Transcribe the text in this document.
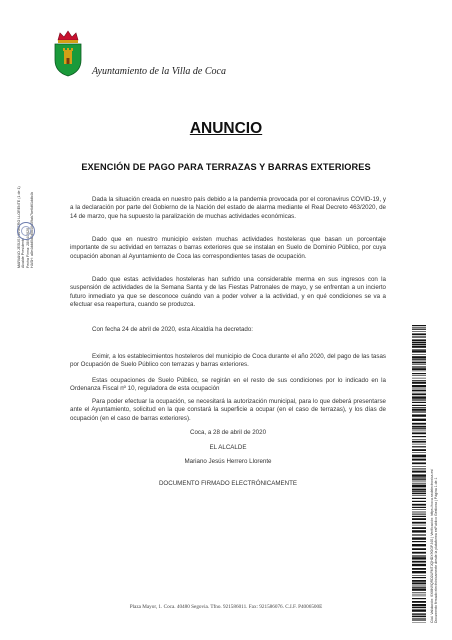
Ayuntamiento de la Villa de Coca
MARIANO JESÚS HERRERO LLORENTE (1 de 1) Alcalde Presidente Fecha Firma: 28/04/2020 HASH: a8e4ddd0d2d5b40d59ab7be6d61ddb4b
ANUNCIO
EXENCIÓN DE PAGO PARA TERRAZAS Y BARRAS EXTERIORES
Dada la situación creada en nuestro país debido a la pandemia provocada por el coronavirus COVID-19, y a la declaración por parte del Gobierno de la Nación del estado de alarma mediante el Real Decreto 463/2020, de 14 de marzo, que ha supuesto la paralización de muchas actividades económicas.
Dado que en nuestro municipio existen muchas actividades hosteleras que basan un porcentaje importante de su actividad en terrazas o barras exteriores que se instalan en Suelo de Dominio Público, por cuya ocupación abonan al Ayuntamiento de Coca las correspondientes tasas de ocupación.
Dado que estas actividades hosteleras han sufrido una considerable merma en sus ingresos con la suspensión de actividades de la Semana Santa y de las Fiestas Patronales de mayo, y se enfrentan a un incierto futuro inmediato ya que se desconoce cuándo van a poder volver a la actividad, y en qué condiciones se va a efectuar esa reapertura, cuando se produzca.
Con fecha 24 de abril de 2020, esta Alcaldía ha decretado:
Eximir, a los establecimientos hosteleros del municipio de Coca durante el año 2020, del pago de las tasas por Ocupación de Suelo Público con terrazas y barras exteriores.
Estas ocupaciones de Suelo Público, se regirán en el resto de sus condiciones por lo indicado en la Ordenanza Fiscal nº 10, reguladora de esta ocupación
Para poder efectuar la ocupación, se necesitará la autorización municipal, para lo que deberá presentarse ante el Ayuntamiento, solicitud en la que constará la superficie a ocupar (en el caso de terrazas), y los días de ocupación (en el caso de barras exteriores).
Coca, a 28 de abril de 2020
EL ALCALDE
Mariano Jesús Herrero Llorente
DOCUMENTO FIRMADO ELECTRÓNICAMENTE
Plaza Mayor, 1. Coca. 40480 Segovia. Tfno. 921586011. Fax: 921586076. C.I.F. P4006500E	Cód. Validación: 6XMN9QRD2LFMTJQHDX9GGPJ4S | Verificación: https://coca.sedelectronica.es/ Documento firmado electrónicamente desde la plataforma esPublico Gestiona | Página 1 de 1
